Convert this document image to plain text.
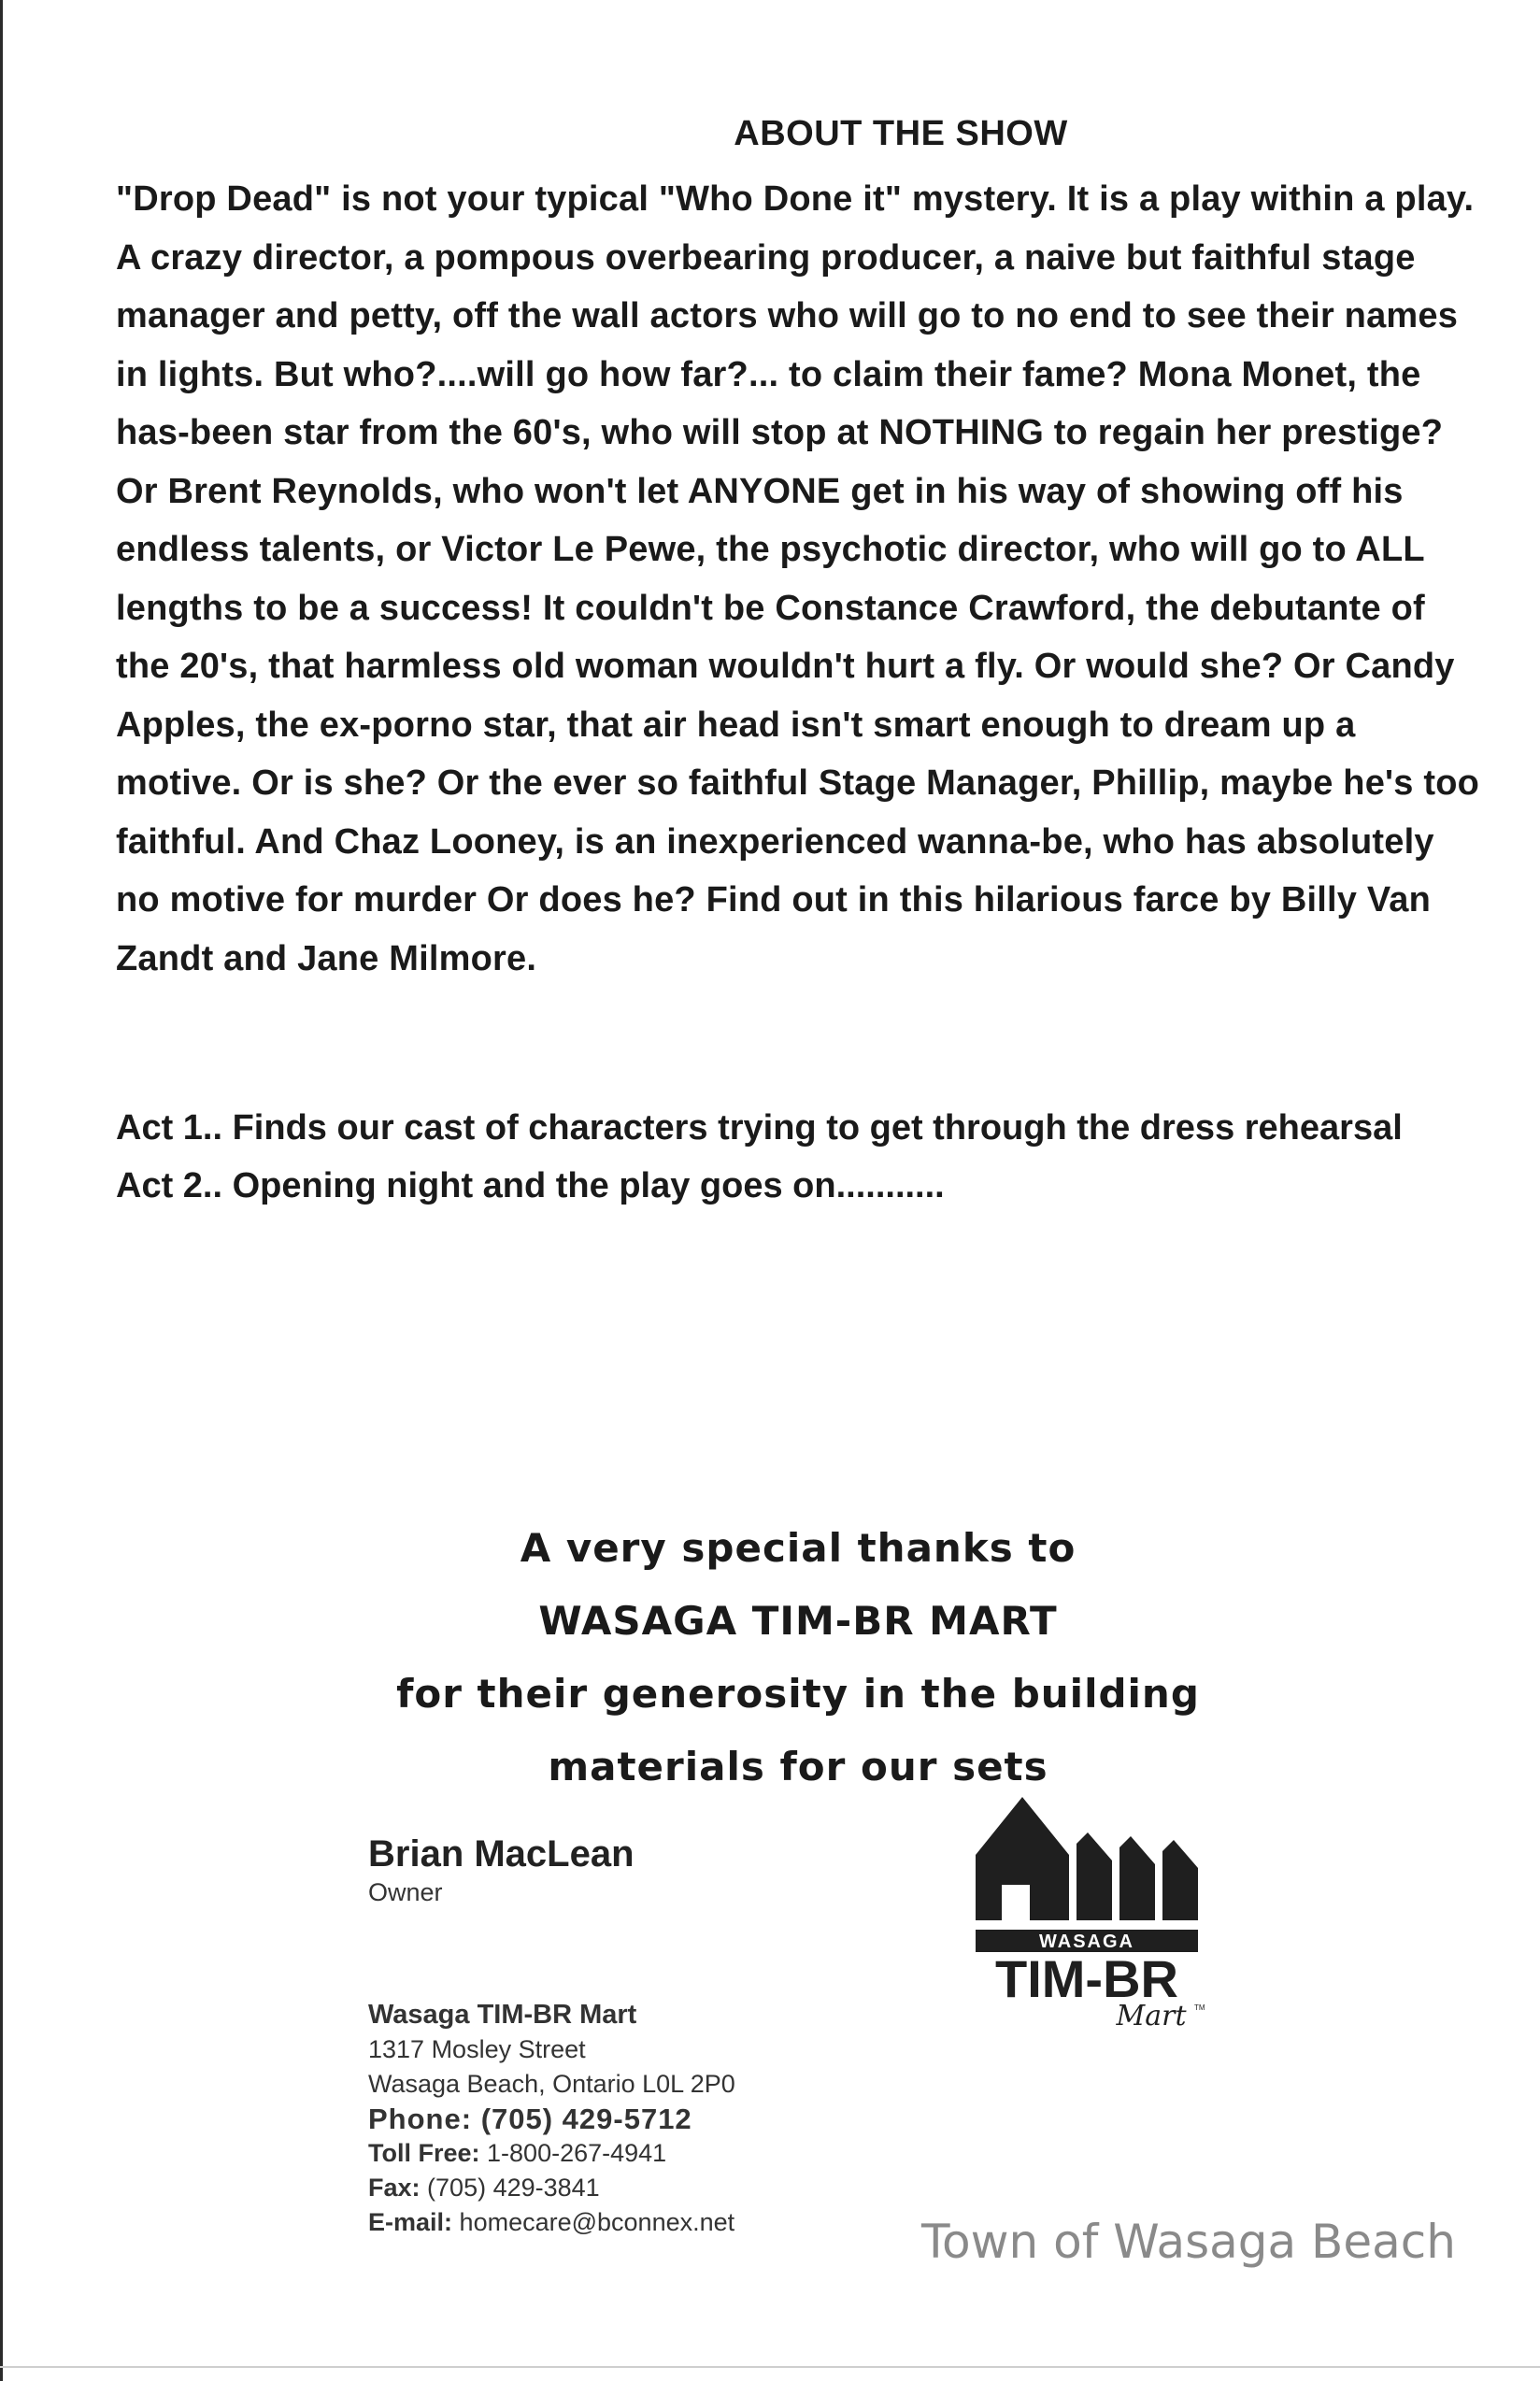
ABOUT THE SHOW
"Drop Dead" is not your typical "Who Done it" mystery. It is a play within a play. A crazy director, a pompous overbearing producer, a naive but faithful stage manager and petty, off the wall actors who will go to no end to see their names in lights. But who?....will go how far?... to claim their fame? Mona Monet, the has-been star from the 60's, who will stop at NOTHING to regain her prestige? Or Brent Reynolds, who won't let ANYONE get in his way of showing off his endless talents, or Victor Le Pewe, the psychotic director, who will go to ALL lengths to be a success! It couldn't be Constance Crawford, the debutante of the 20's, that harmless old woman wouldn't hurt a fly. Or would she? Or Candy Apples, the ex-porno star, that air head isn't smart enough to dream up a motive. Or is she? Or the ever so faithful Stage Manager, Phillip, maybe he's too faithful. And Chaz Looney, is an inexperienced wanna-be, who has absolutely no motive for murder Or does he? Find out in this hilarious farce by Billy Van Zandt and Jane Milmore.

Act 1.. Finds our cast of characters trying to get through the dress rehearsal

Act 2.. Opening night and the play goes on...........

A very special thanks to
WASAGA TIM-BR MART
for their generosity in the building
materials for our sets
Brian MacLean
Owner
Wasaga TIM-BR Mart
1317 Mosley Street
Wasaga Beach, Ontario L0L 2P0
Phone: (705) 429-5712
Toll Free: 1-800-267-4941
Fax: (705) 429-3841
E-mail: homecare@bconnex.net
WASAGA
TIM-BR
Mart TM
Town of Wasaga Beach
